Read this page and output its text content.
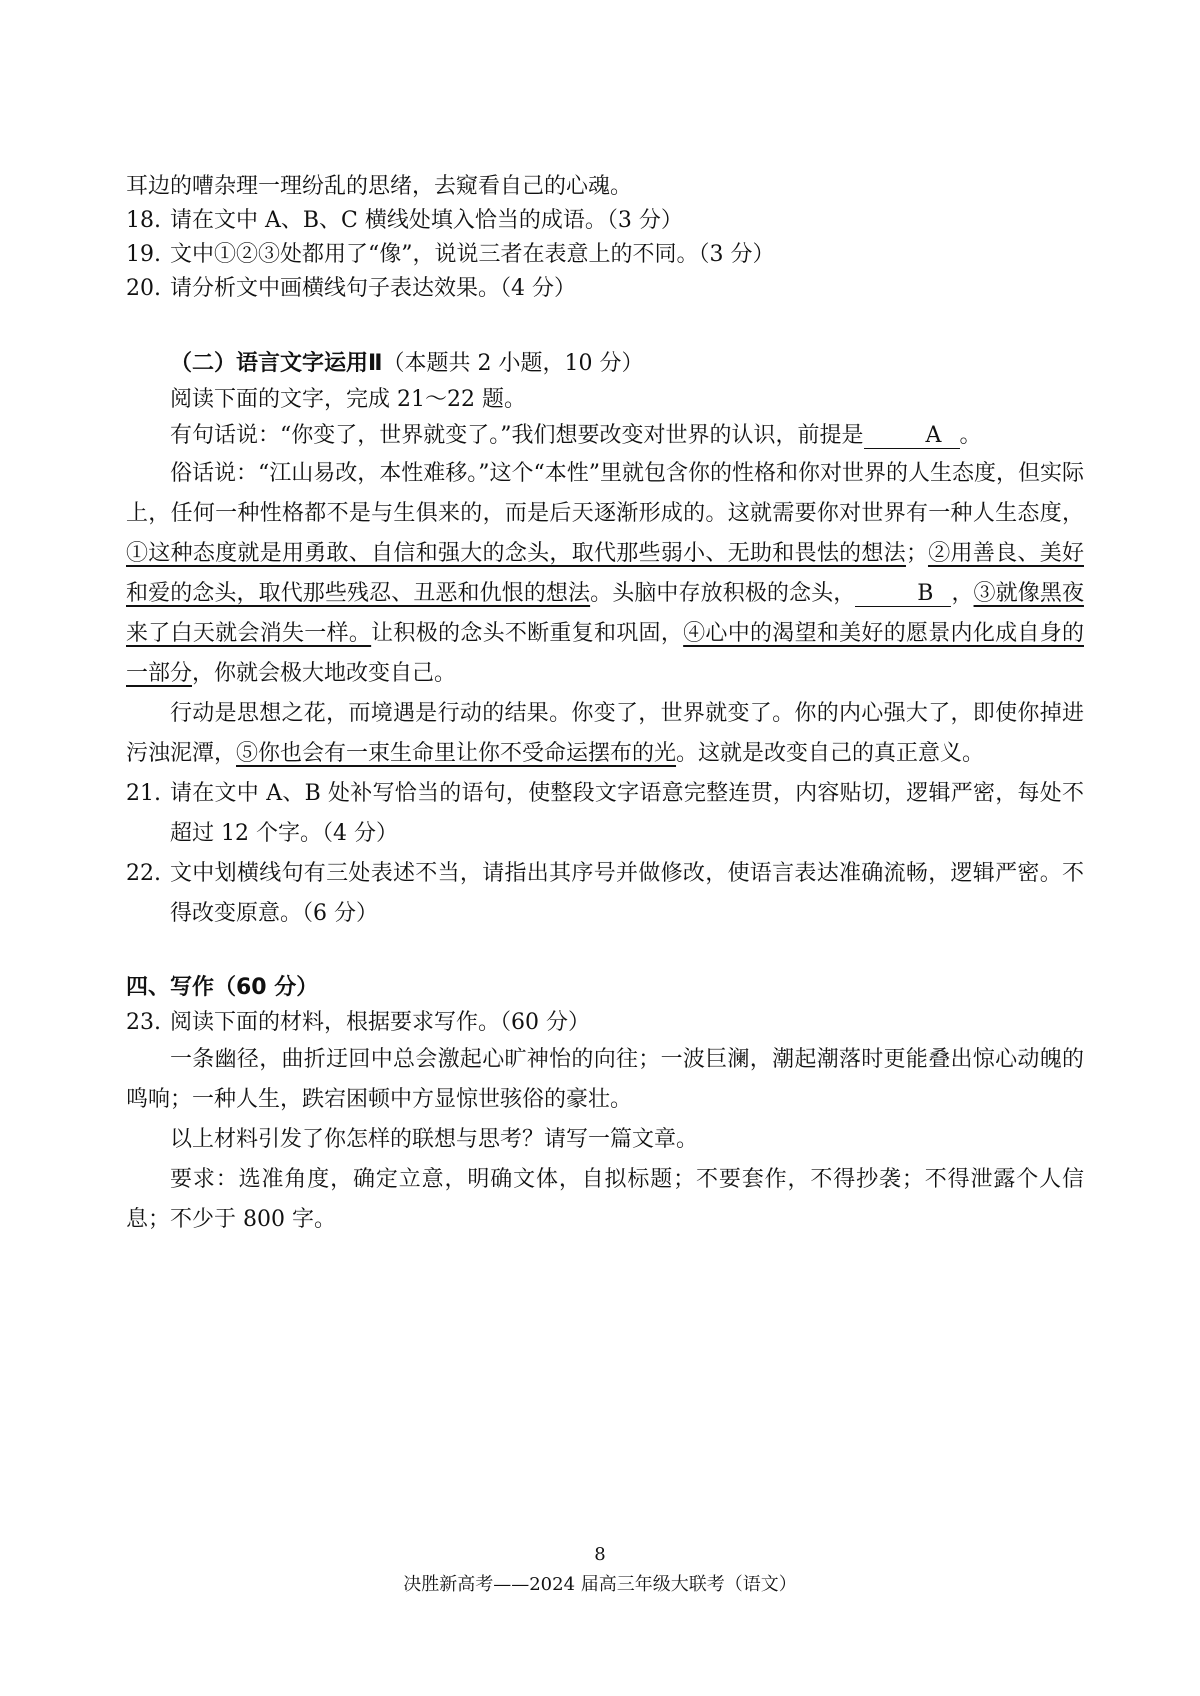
耳边的嘈杂理一理纷乱的思绪，去窥看自己的心魂。
18. 请在文中 A、B、C 横线处填入恰当的成语。（3 分）
19. 文中①②③处都用了“像”，说说三者在表意上的不同。（3 分）
20. 请分析文中画横线句子表达效果。（4 分）
（二）语言文字运用Ⅱ（本题共 2 小题，10 分）
阅读下面的文字，完成 21～22 题。
有句话说：“你变了，世界就变了。”我们想要改变对世界的认识，前提是	A 。
俗话说：“江山易改，本性难移。”这个“本性”里就包含你的性格和你对世界的人生态度，但实际上，任何一种性格都不是与生俱来的，而是后天逐渐形成的。这就需要你对世界有一种人生态度，①这种态度就是用勇敢、自信和强大的念头，取代那些弱小、无助和畏怯的想法；②用善良、美好和爱的念头，取代那些残忍、丑恶和仇恨的想法。头脑中存放积极的念头，	B ，③就像黑夜来了白天就会消失一样。让积极的念头不断重复和巩固，④心中的渴望和美好的愿景内化成自身的一部分，你就会极大地改变自己。
行动是思想之花，而境遇是行动的结果。你变了，世界就变了。你的内心强大了，即使你掉进污浊泥潭，⑤你也会有一束生命里让你不受命运摆布的光。这就是改变自己的真正意义。
21. 请在文中 A、B 处补写恰当的语句，使整段文字语意完整连贯，内容贴切，逻辑严密，每处不超过 12 个字。（4 分）
22. 文中划横线句有三处表述不当，请指出其序号并做修改，使语言表达准确流畅，逻辑严密。不得改变原意。（6 分）
四、写作（60 分）
23. 阅读下面的材料，根据要求写作。（60 分）
一条幽径，曲折迂回中总会激起心旷神怡的向往；一波巨澜，潮起潮落时更能叠出惊心动魄的鸣响；一种人生，跌宕困顿中方显惊世骇俗的豪壮。
以上材料引发了你怎样的联想与思考？请写一篇文章。
要求：选准角度，确定立意，明确文体，自拟标题；不要套作，不得抄袭；不得泄露个人信息；不少于 800 字。
8
决胜新高考——2024 届高三年级大联考（语文）
